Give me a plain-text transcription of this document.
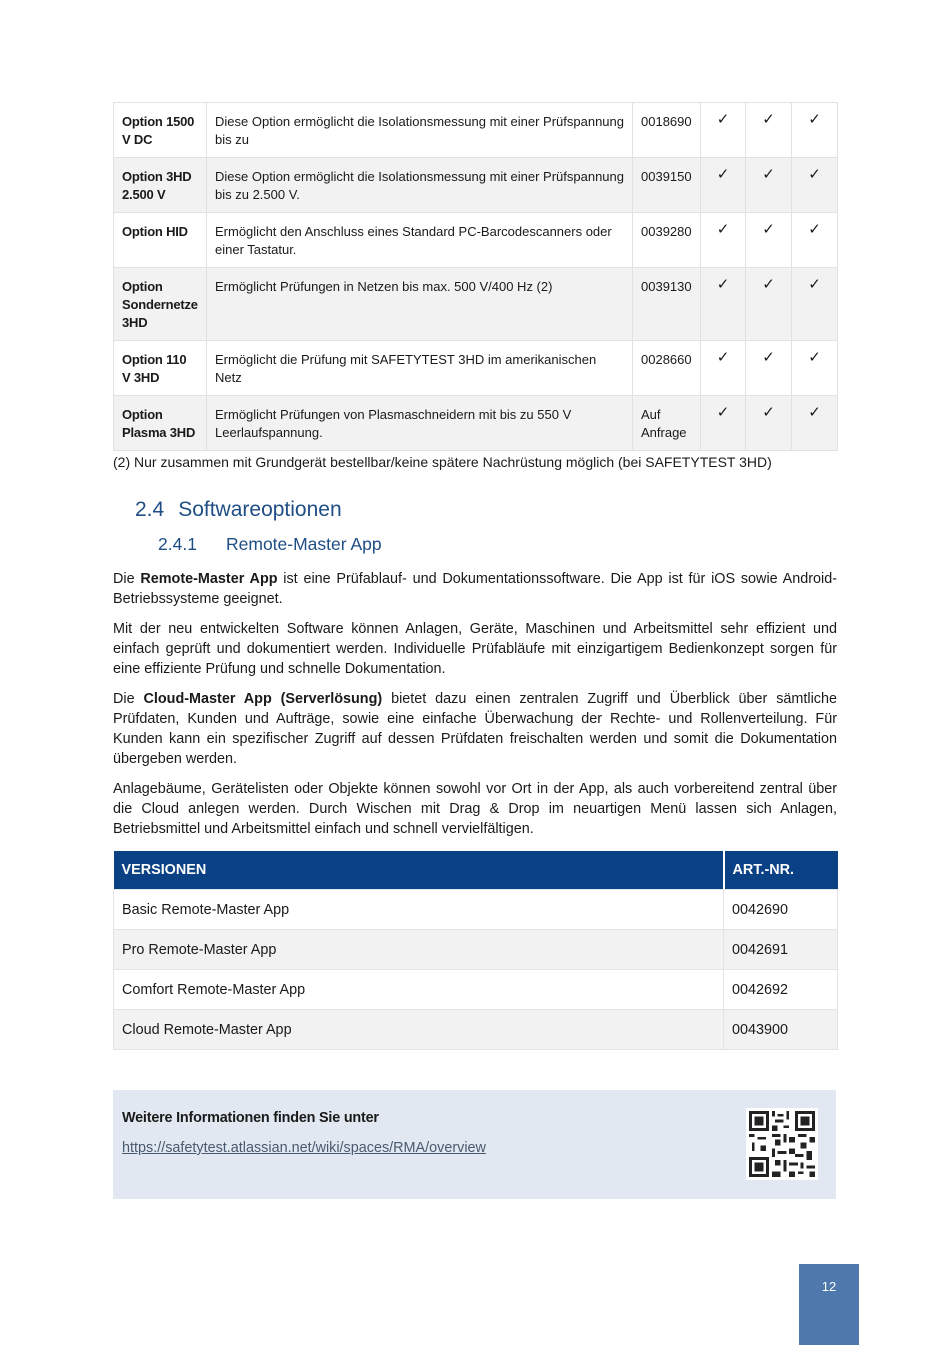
Option 1500 V DC	Diese Option ermöglicht die Isolationsmessung mit einer Prüfspannung bis zu	0018690	✓	✓	✓
Option 3HD 2.500 V	Diese Option ermöglicht die Isolationsmessung mit einer Prüfspannung bis zu 2.500 V.	0039150	✓	✓	✓
Option HID	Ermöglicht den Anschluss eines Standard PC-Barcodescanners oder einer Tastatur.	0039280	✓	✓	✓
Option Sondernetze 3HD	Ermöglicht Prüfungen in Netzen bis max. 500 V/400 Hz (2)	0039130	✓	✓	✓
Option 110 V 3HD	Ermöglicht die Prüfung mit SAFETYTEST 3HD im amerikanischen Netz	0028660	✓	✓	✓
Option Plasma 3HD	Ermöglicht Prüfungen von Plasmaschneidern mit bis zu 550 V Leerlaufspannung.	Auf Anfrage	✓	✓	✓

(2) Nur zusammen mit Grundgerät bestellbar/keine spätere Nachrüstung möglich (bei SAFETYTEST 3HD)

2.4 Softwareoptionen
2.4.1 Remote-Master App

Die Remote-Master App ist eine Prüfablauf- und Dokumentationssoftware. Die App ist für iOS sowie Android-Betriebssysteme geeignet.

Mit der neu entwickelten Software können Anlagen, Geräte, Maschinen und Arbeitsmittel sehr effizient und einfach geprüft und dokumentiert werden. Individuelle Prüfabläufe mit einzigartigem Bedienkonzept sorgen für eine effiziente Prüfung und schnelle Dokumentation.

Die Cloud-Master App (Serverlösung) bietet dazu einen zentralen Zugriff und Überblick über sämtliche Prüfdaten, Kunden und Aufträge, sowie eine einfache Überwachung der Rechte- und Rollenverteilung. Für Kunden kann ein spezifischer Zugriff auf dessen Prüfdaten freischalten werden und somit die Dokumentation übergeben werden.

Anlagebäume, Gerätelisten oder Objekte können sowohl vor Ort in der App, als auch vorbereitend zentral über die Cloud anlegen werden. Durch Wischen mit Drag & Drop im neuartigen Menü lassen sich Anlagen, Betriebsmittel und Arbeitsmittel einfach und schnell vervielfältigen.

VERSIONEN	ART.-NR.
Basic Remote-Master App	0042690
Pro Remote-Master App	0042691
Comfort Remote-Master App	0042692
Cloud Remote-Master App	0043900
Weitere Informationen finden Sie unter
https://safetytest.atlassian.net/wiki/spaces/RMA/overview
12
